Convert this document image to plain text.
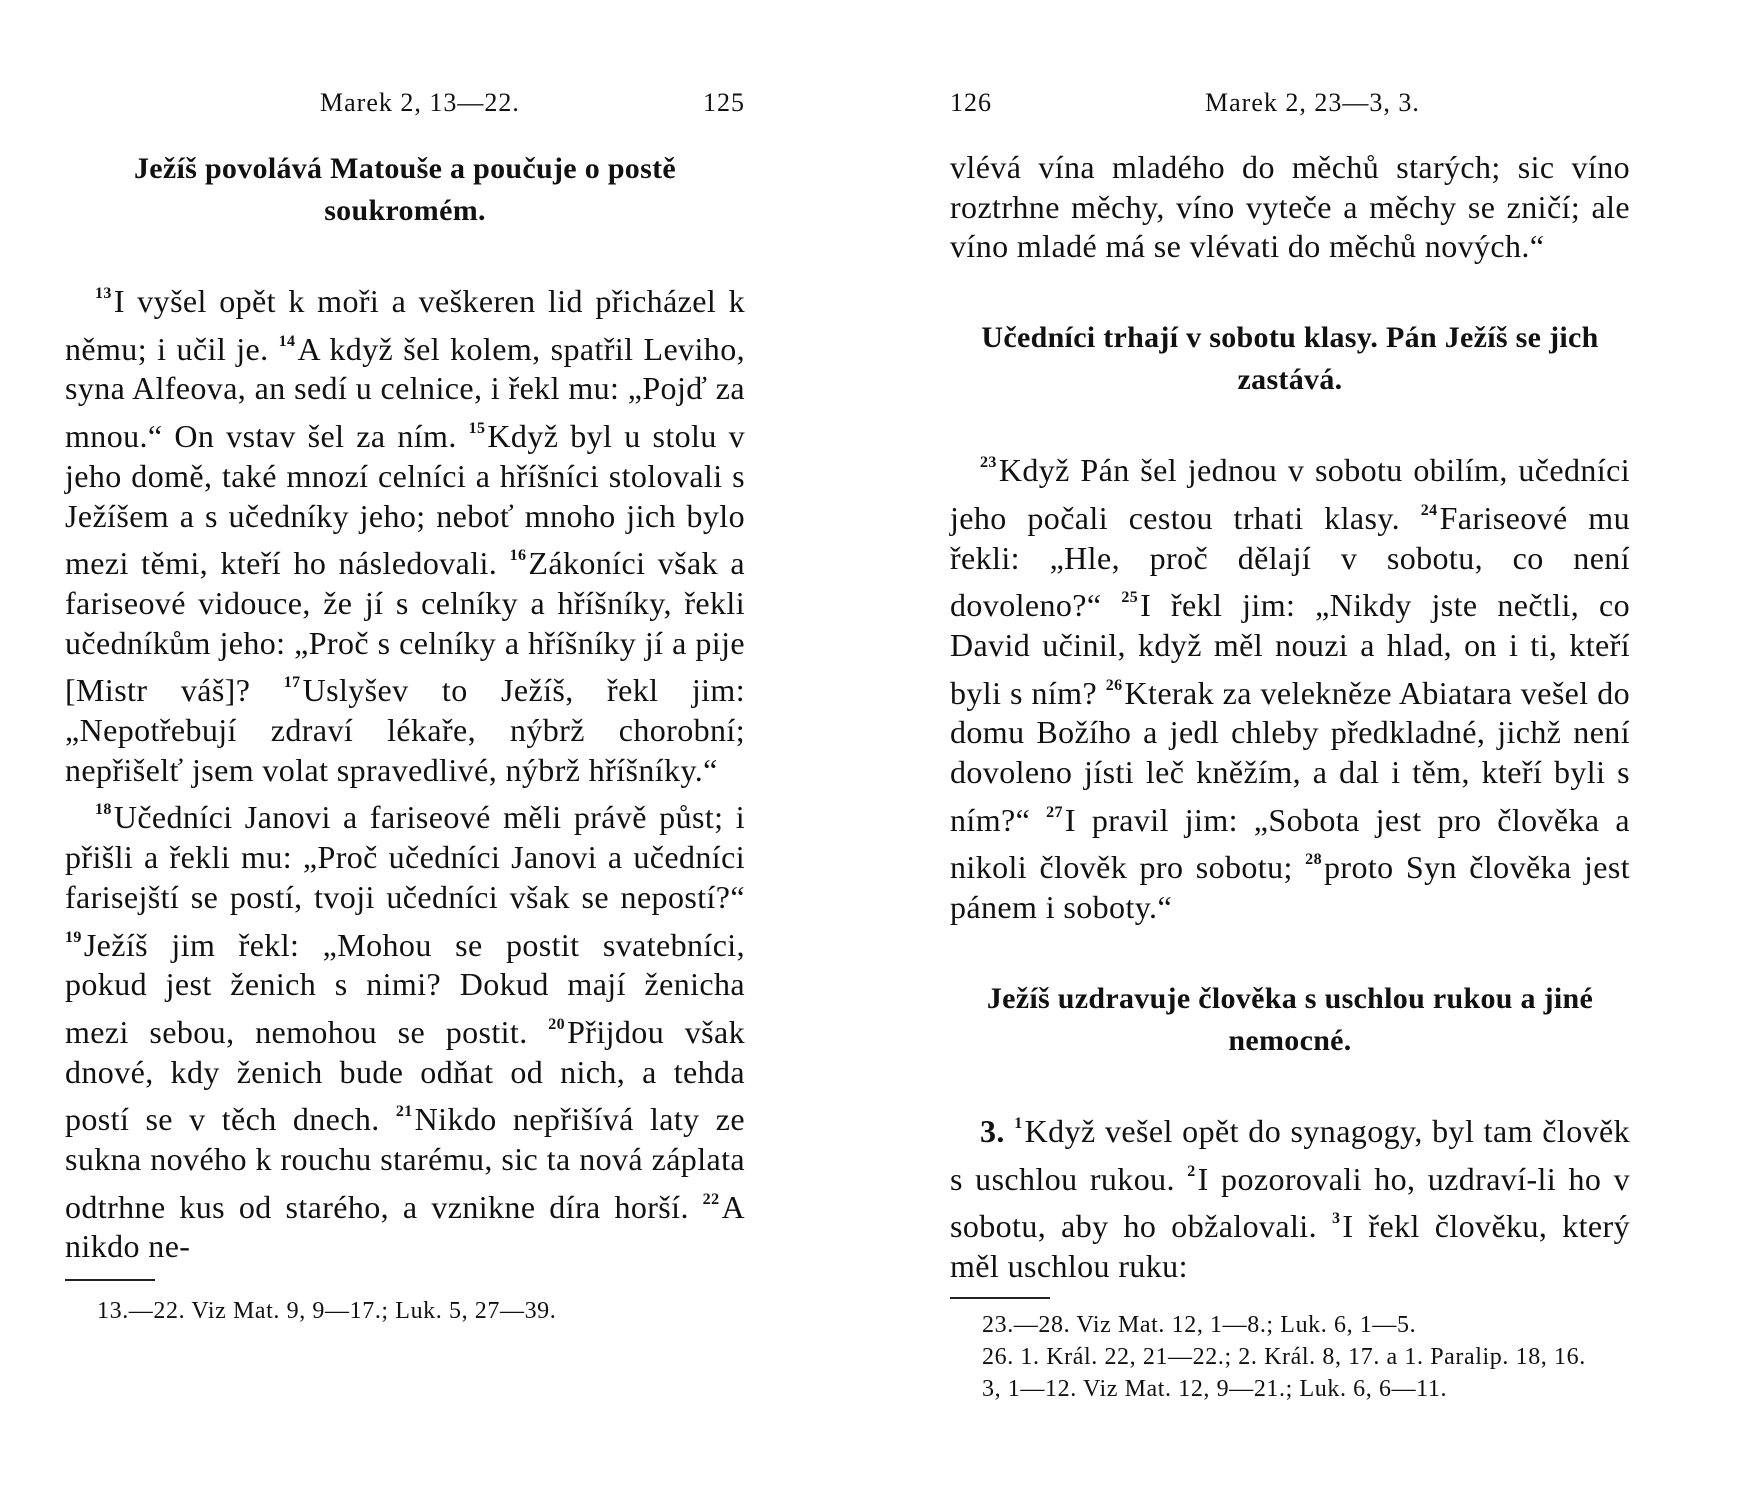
Marek 2, 13—22.	125
Ježíš povolává Matouše a poučuje o postě soukromém.

$^{13}$I vyšel opět k moři a veškeren lid přicházel k němu; i učil je. $^{14}$A když šel kolem, spatřil Leviho, syna Alfeova, an sedí u celnice, i řekl mu: „Pojď za mnou.“ On vstav šel za ním. $^{15}$Když byl u stolu v jeho domě, také mnozí celníci a hříšníci stolovali s Ježíšem a s učedníky jeho; neboť mnoho jich bylo mezi těmi, kteří ho následovali. $^{16}$Zákoníci však a fariseové vidouce, že jí s celníky a hříšníky, řekli učedníkům jeho: „Proč s celníky a hříšníky jí a pije [Mistr váš]? $^{17}$Uslyšev to Ježíš, řekl jim: „Nepotřebují zdraví lékaře, nýbrž chorobní; nepřišelť jsem volat spravedlivé, nýbrž hříšníky.“

$^{18}$Učedníci Janovi a fariseové měli právě půst; i přišli a řekli mu: „Proč učedníci Janovi a učedníci farisejští se postí, tvoji učedníci však se nepostí?“ $^{19}$Ježíš jim řekl: „Mohou se postit svatebníci, pokud jest ženich s nimi? Dokud mají ženicha mezi sebou, nemohou se postit. $^{20}$Přijdou však dnové, kdy ženich bude odňat od nich, a tehda postí se v těch dnech. $^{21}$Nikdo nepřišívá laty ze sukna nového k rouchu starému, sic ta nová záplata odtrhne kus od starého, a vznikne díra horší. $^{22}$A nikdo ne-

13.—22. Viz Mat. 9, 9—17.; Luk. 5, 27—39.

126	Marek 2, 23—3, 3.

vlévá vína mladého do měchů starých; sic víno roztrhne měchy, víno vyteče a měchy se zničí; ale víno mladé má se vlévati do měchů nových.“

Učedníci trhají v sobotu klasy. Pán Ježíš se jich zastává.

$^{23}$Když Pán šel jednou v sobotu obilím, učedníci jeho počali cestou trhati klasy. $^{24}$Fariseové mu řekli: „Hle, proč dělají v sobotu, co není dovoleno?“ $^{25}$I řekl jim: „Nikdy jste nečtli, co David učinil, když měl nouzi a hlad, on i ti, kteří byli s ním? $^{26}$Kterak za velekněze Abiatara vešel do domu Božího a jedl chleby předkladné, jichž není dovoleno jísti leč kněžím, a dal i těm, kteří byli s ním?“ $^{27}$I pravil jim: „Sobota jest pro člověka a nikoli člověk pro sobotu; $^{28}$proto Syn člověka jest pánem i soboty.“

Ježíš uzdravuje člověka s uschlou rukou a jiné nemocné.

3. $^1$Když vešel opět do synagogy, byl tam člověk s uschlou rukou. $^2$I pozorovali ho, uzdraví-li ho v sobotu, aby ho obžalovali. $^3$I řekl člověku, který měl uschlou ruku:

23.—28. Viz Mat. 12, 1—8.; Luk. 6, 1—5.

26. 1. Král. 22, 21—22.; 2. Král. 8, 17. a 1. Paralip. 18, 16.

3, 1—12. Viz Mat. 12, 9—21.; Luk. 6, 6—11.
